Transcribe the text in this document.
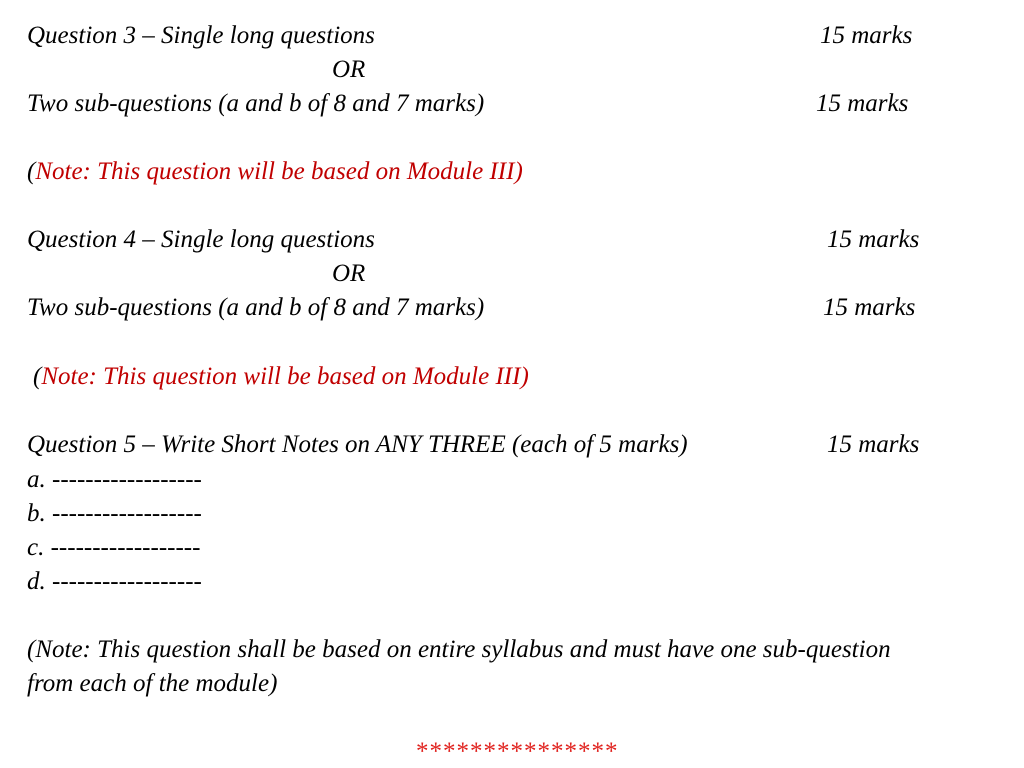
Question 3 – Single long questions	15 marks
OR
Two sub-questions (a and b of 8 and 7 marks)	15 marks
(Note: This question will be based on Module III)
Question 4 – Single long questions	15 marks
OR
Two sub-questions (a and b of 8 and 7 marks)	15 marks
(Note: This question will be based on Module III)
Question 5 – Write Short Notes on ANY THREE (each of 5 marks)	15 marks
a. ------------------
b. ------------------
c. ------------------
d. ------------------
(Note: This question shall be based on entire syllabus and must have one sub-question
from each of the module)
***************
